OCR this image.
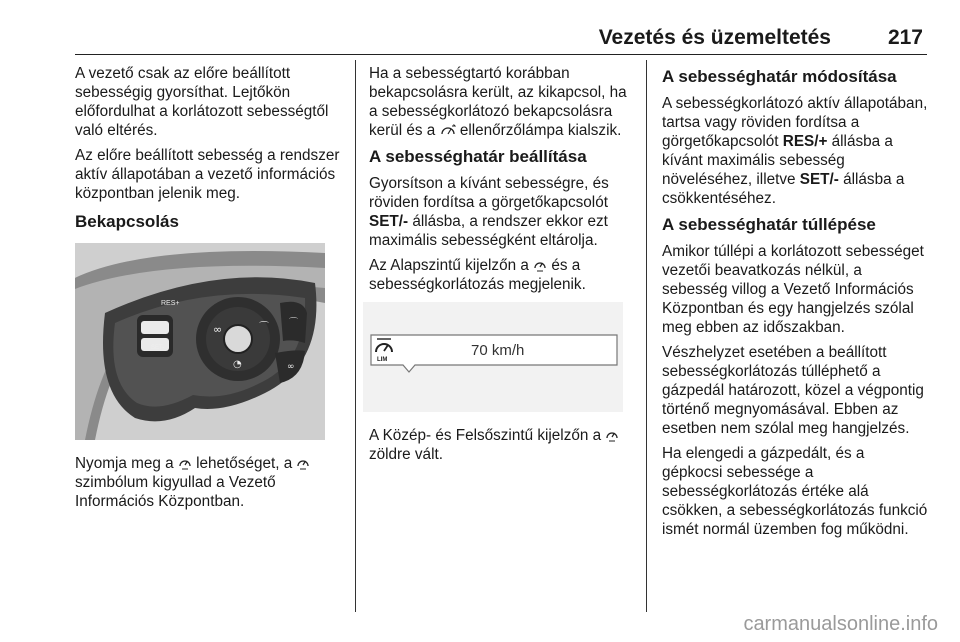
Vezetés és üzemeltetés	217

A vezető csak az előre beállított sebességig gyorsíthat. Lejtőkön előfordulhat a korlátozott sebességtől való eltérés.

Az előre beállított sebesség a rendszer aktív állapotában a vezető információs központban jelenik meg.

Bekapcsolás
RES+
SET-
∞	⌒
◔
⌒
∞

Nyomja meg a  lehetőséget, a  szimbólum kigyullad a Vezető Információs Központban.

Ha a sebességtartó korábban bekapcsolásra került, az kikapcsol, ha a sebességkorlátozó bekapcsolásra kerül és a  ellenőrzőlámpa kialszik.

A sebességhatár beállítása

Gyorsítson a kívánt sebességre, és röviden fordítsa a görgetőkapcsolót SET/- állásba, a rendszer ekkor ezt maximális sebességként eltárolja.

Az Alapszintű kijelzőn a  és a sebességkorlátozás megjelenik.

LIM
70 km/h

A Közép- és Felsőszintű kijelzőn a  zöldre vált.

A sebességhatár módosítása

A sebességkorlátozó aktív állapotában, tartsa vagy röviden fordítsa a görgetőkapcsolót RES/+ állásba a kívánt maximális sebesség növeléséhez, illetve SET/- állásba a csökkentéséhez.

A sebességhatár túllépése

Amikor túllépi a korlátozott sebességet vezetői beavatkozás nélkül, a sebesség villog a Vezető Információs Központban és egy hangjelzés szólal meg ebben az időszakban.

Vészhelyzet esetében a beállított sebességkorlátozás túlléphető a gázpedál határozott, közel a végpontig történő megnyomásával. Ebben az esetben nem szólal meg hangjelzés.

Ha elengedi a gázpedált, és a gépkocsi sebessége a sebességkorlátozás értéke alá csökken, a sebességkorlátozás funkció ismét normál üzemben fog működni.

carmanualsonline.info
